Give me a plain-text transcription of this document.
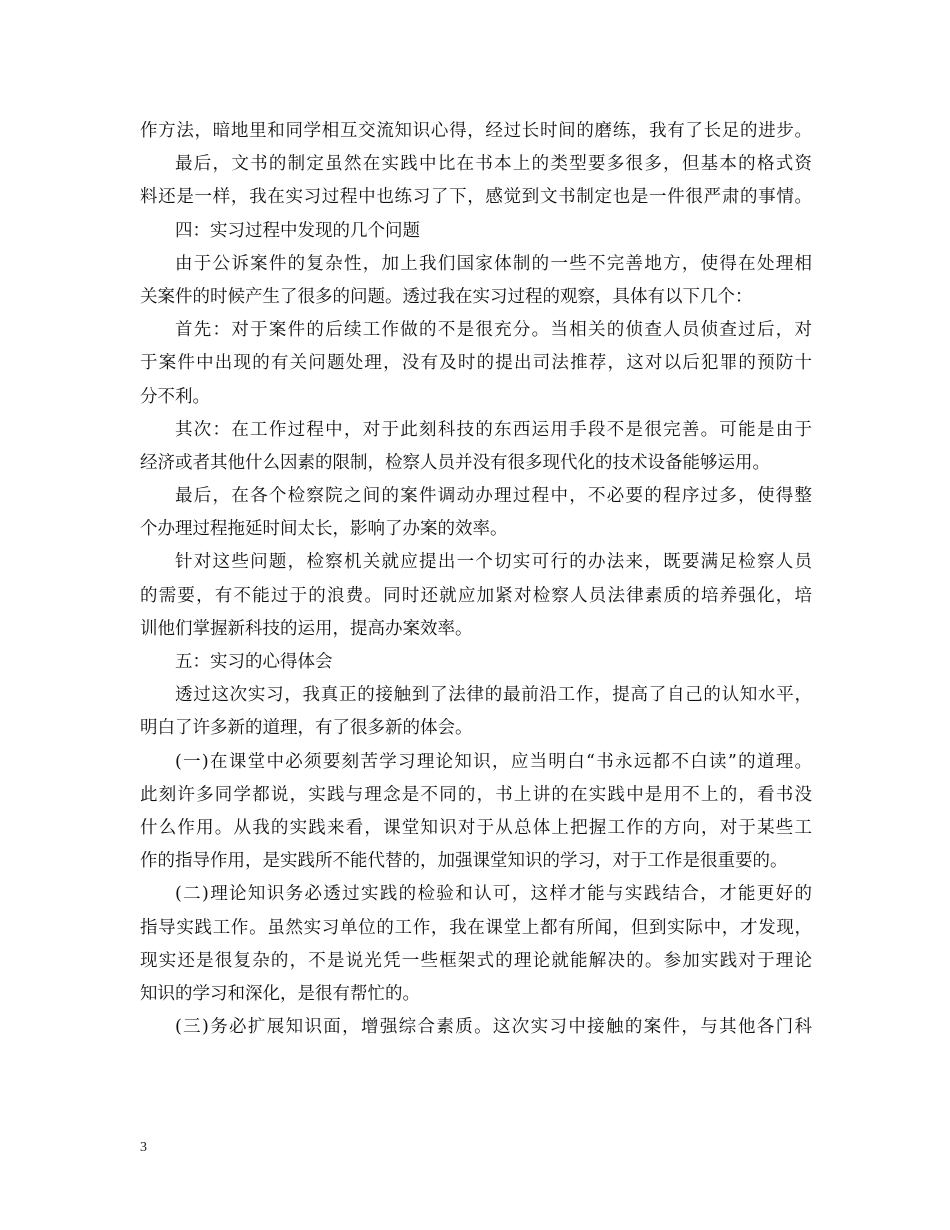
作方法，暗地里和同学相互交流知识心得，经过长时间的磨练，我有了长足的进步。
最后，文书的制定虽然在实践中比在书本上的类型要多很多，但基本的格式资
料还是一样，我在实习过程中也练习了下，感觉到文书制定也是一件很严肃的事情。
四：实习过程中发现的几个问题
由于公诉案件的复杂性，加上我们国家体制的一些不完善地方，使得在处理相
关案件的时候产生了很多的问题。透过我在实习过程的观察，具体有以下几个：
首先：对于案件的后续工作做的不是很充分。当相关的侦查人员侦查过后，对
于案件中出现的有关问题处理，没有及时的提出司法推荐，这对以后犯罪的预防十
分不利。
其次：在工作过程中，对于此刻科技的东西运用手段不是很完善。可能是由于
经济或者其他什么因素的限制，检察人员并没有很多现代化的技术设备能够运用。
最后，在各个检察院之间的案件调动办理过程中，不必要的程序过多，使得整
个办理过程拖延时间太长，影响了办案的效率。
针对这些问题，检察机关就应提出一个切实可行的办法来，既要满足检察人员
的需要，有不能过于的浪费。同时还就应加紧对检察人员法律素质的培养强化，培
训他们掌握新科技的运用，提高办案效率。
五：实习的心得体会
透过这次实习，我真正的接触到了法律的最前沿工作，提高了自己的认知水平，
明白了许多新的道理，有了很多新的体会。
(一)在课堂中必须要刻苦学习理论知识，应当明白“书永远都不白读”的道理。
此刻许多同学都说，实践与理念是不同的，书上讲的在实践中是用不上的，看书没
什么作用。从我的实践来看，课堂知识对于从总体上把握工作的方向，对于某些工
作的指导作用，是实践所不能代替的，加强课堂知识的学习，对于工作是很重要的。
(二)理论知识务必透过实践的检验和认可，这样才能与实践结合，才能更好的
指导实践工作。虽然实习单位的工作，我在课堂上都有所闻，但到实际中，才发现，
现实还是很复杂的，不是说光凭一些框架式的理论就能解决的。参加实践对于理论
知识的学习和深化，是很有帮忙的。
(三)务必扩展知识面，增强综合素质。这次实习中接触的案件，与其他各门科
3
